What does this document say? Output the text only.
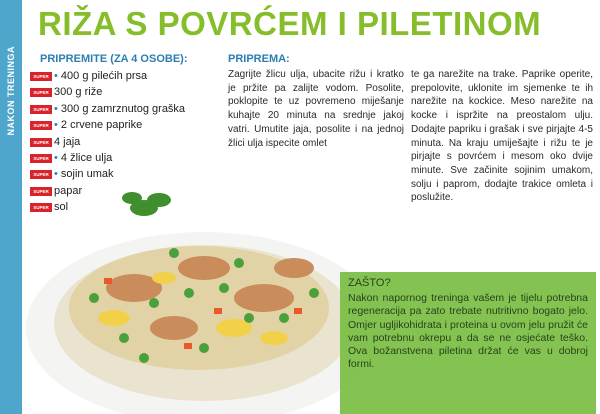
NAKON TRENINGA
RIŽA S POVRĆEM I PILETINOM
PRIPREMITE (ZA 4 OSOBE):	PRIPREMA:
SUPER • 400 g pilećih prsa
SUPER 300 g riže
SUPER • 300 g zamrznutog graška
SUPER • 2 crvene paprike
SUPER 4 jaja
SUPER • 4 žlice ulja
SUPER • sojin umak
SUPER papar
SUPER sol

Zagrijte žlicu ulja, ubacite rižu i kratko je pržite pa zalijte vodom. Posolite, poklopite te uz povremeno miješanje kuhajte 20 minuta na srednje jakoj vatri. Umutite jaja, posolite i na jednoj žlici ulja ispecite omlet

te ga narežite na trake. Paprike operite, prepolovite, uklonite im sjemenke te ih narežite na kockice. Meso narežite na kocke i ispržite na preostalom ulju. Dodajte papriku i grašak i sve pirjajte 4-5 minuta. Na kraju umiješajte i rižu te je pirjajte s povrćem i mesom oko dvije minute. Sve začinite sojinim umakom, solju i paprom, dodajte trakice omleta i poslužite.

ZAŠTO?

Nakon napornog treninga vašem je tijelu potrebna regeneracija pa zato trebate nutritivno bogato jelo. Omjer ugljikohidrata i proteina u ovom jelu pružit će vam potrebnu okrepu a da se ne osjećate teško. Ova božanstvena piletina držat će vas u dobroj formi.
